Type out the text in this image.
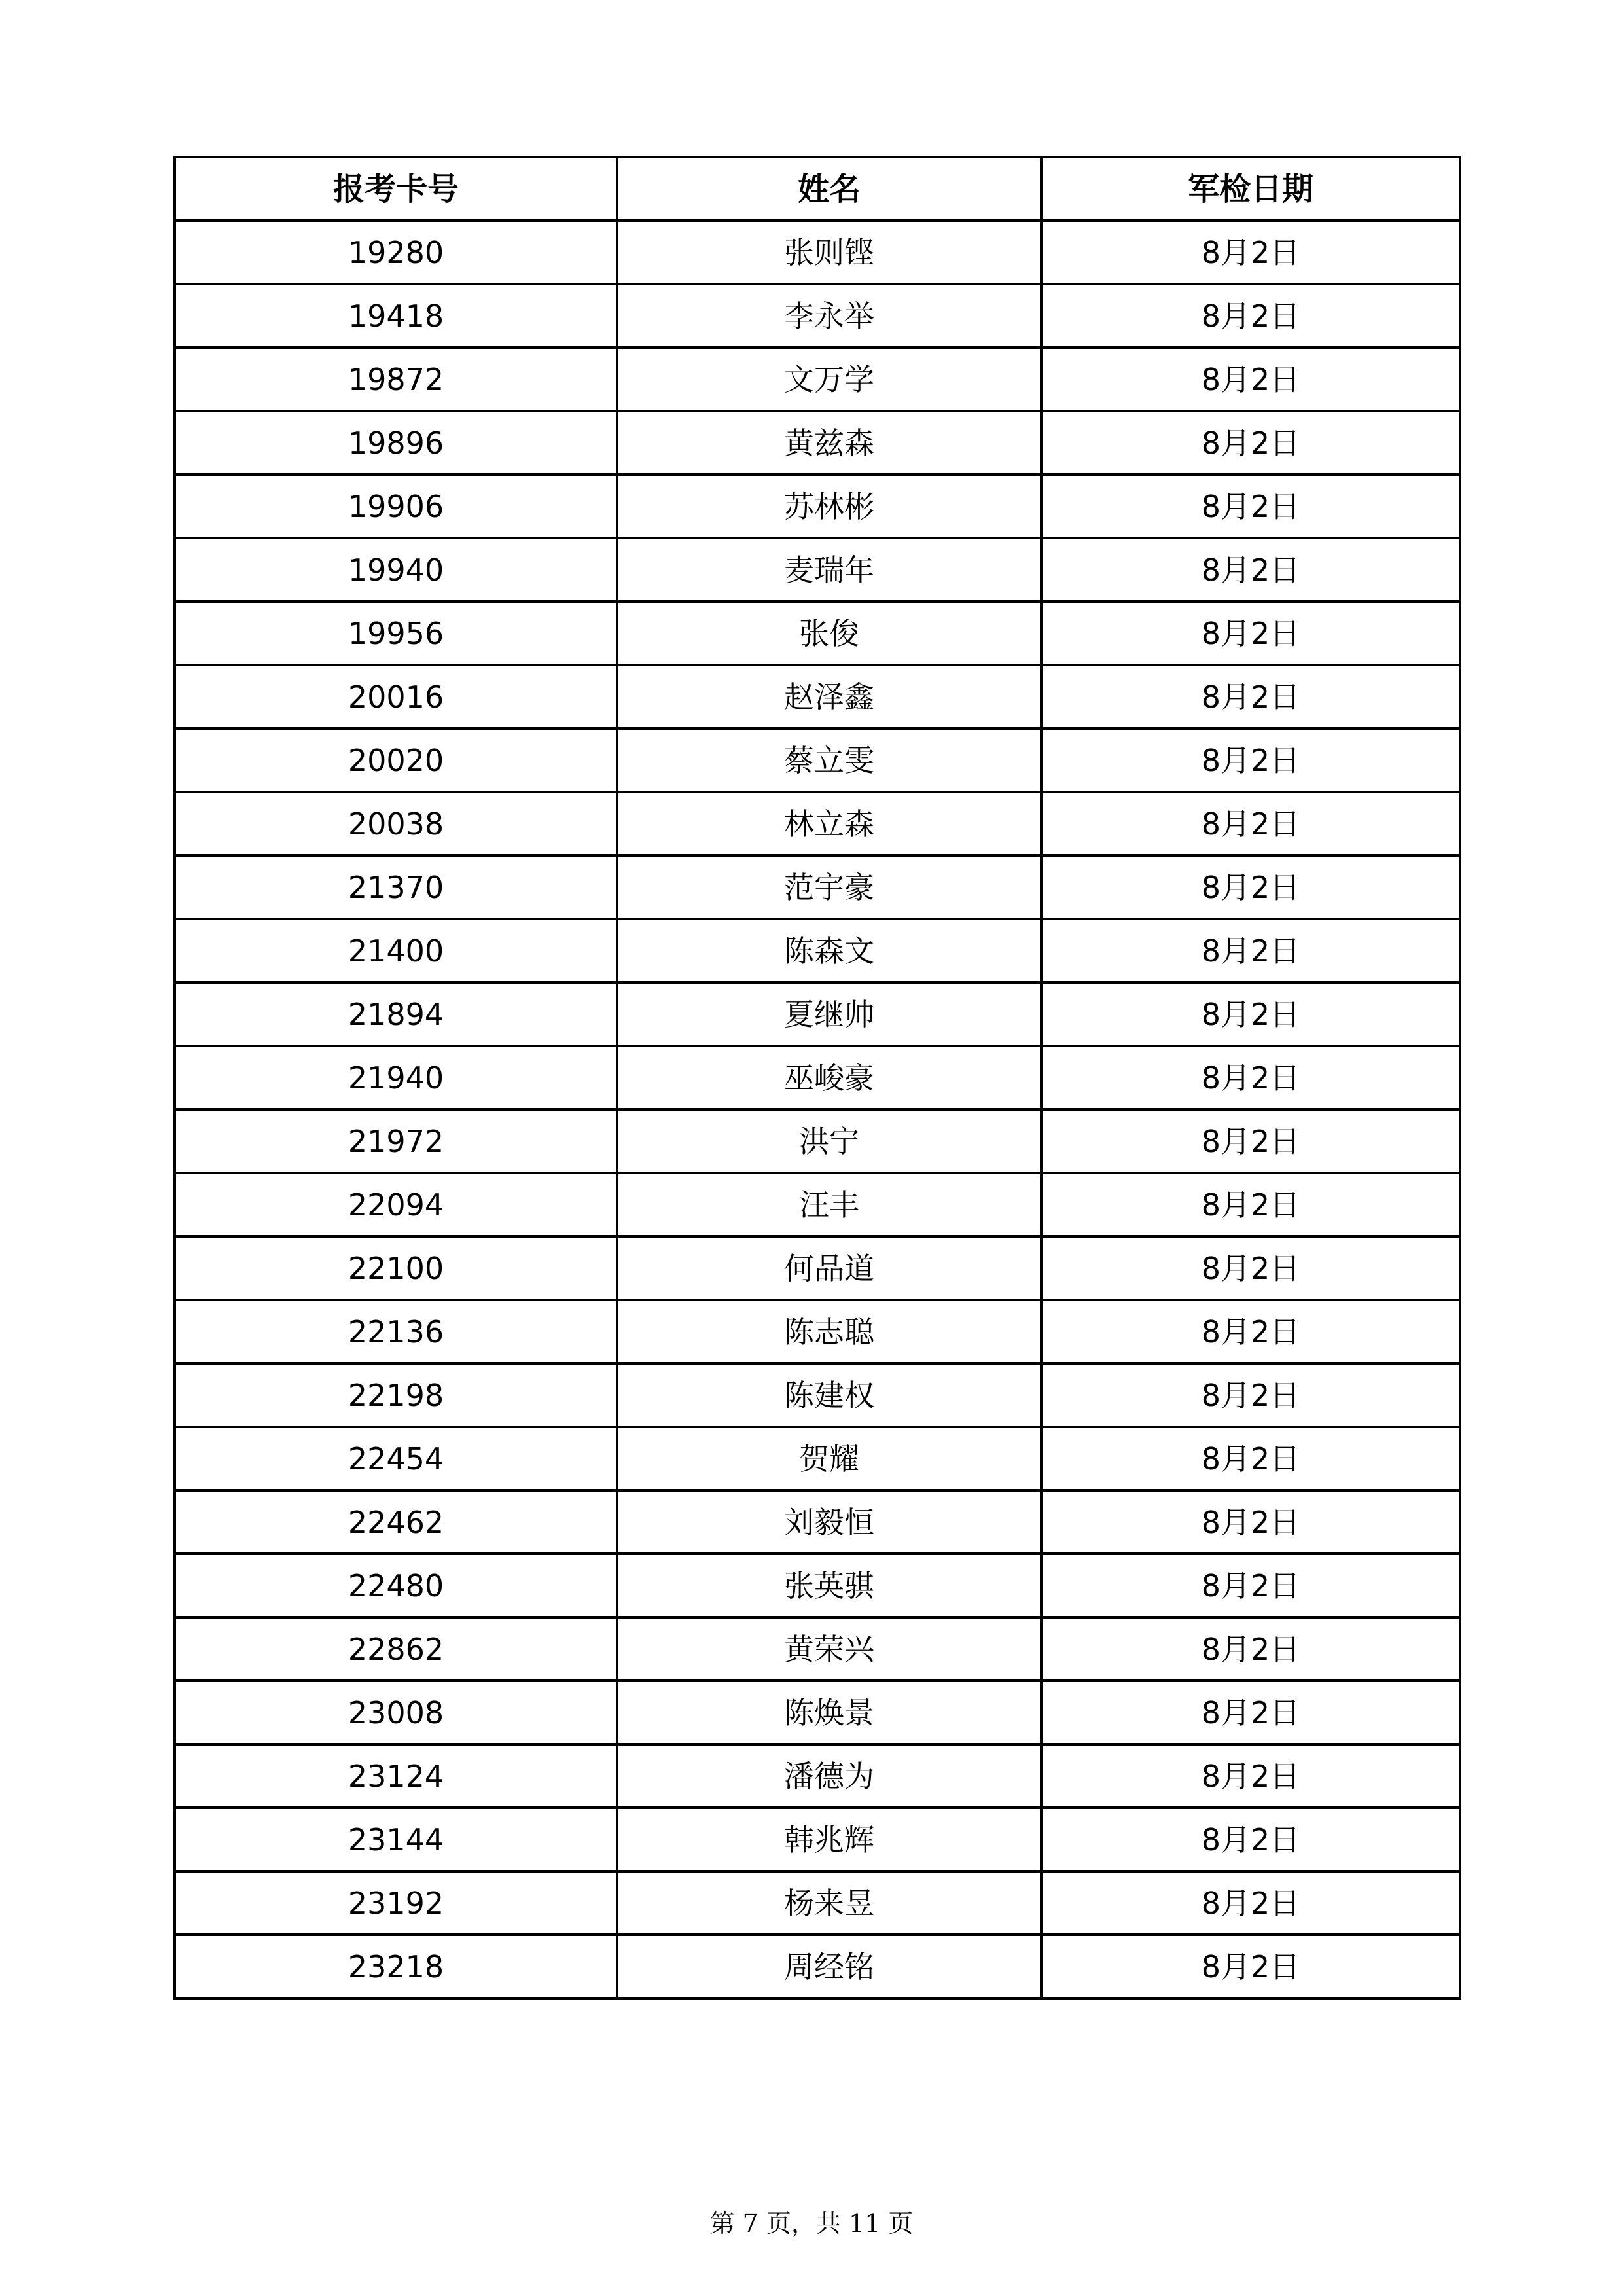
报考卡号	姓名	军检日期
19280	张则铿	8月2日
19418	李永举	8月2日
19872	文万学	8月2日
19896	黄兹森	8月2日
19906	苏林彬	8月2日
19940	麦瑞年	8月2日
19956	张俊	8月2日
20016	赵泽鑫	8月2日
20020	蔡立雯	8月2日
20038	林立森	8月2日
21370	范宇豪	8月2日
21400	陈森文	8月2日
21894	夏继帅	8月2日
21940	巫峻豪	8月2日
21972	洪宁	8月2日
22094	汪丰	8月2日
22100	何品道	8月2日
22136	陈志聪	8月2日
22198	陈建权	8月2日
22454	贺耀	8月2日
22462	刘毅恒	8月2日
22480	张英骐	8月2日
22862	黄荣兴	8月2日
23008	陈焕景	8月2日
23124	潘德为	8月2日
23144	韩兆辉	8月2日
23192	杨来昱	8月2日
23218	周经铭	8月2日
第 7 页，共 11 页
